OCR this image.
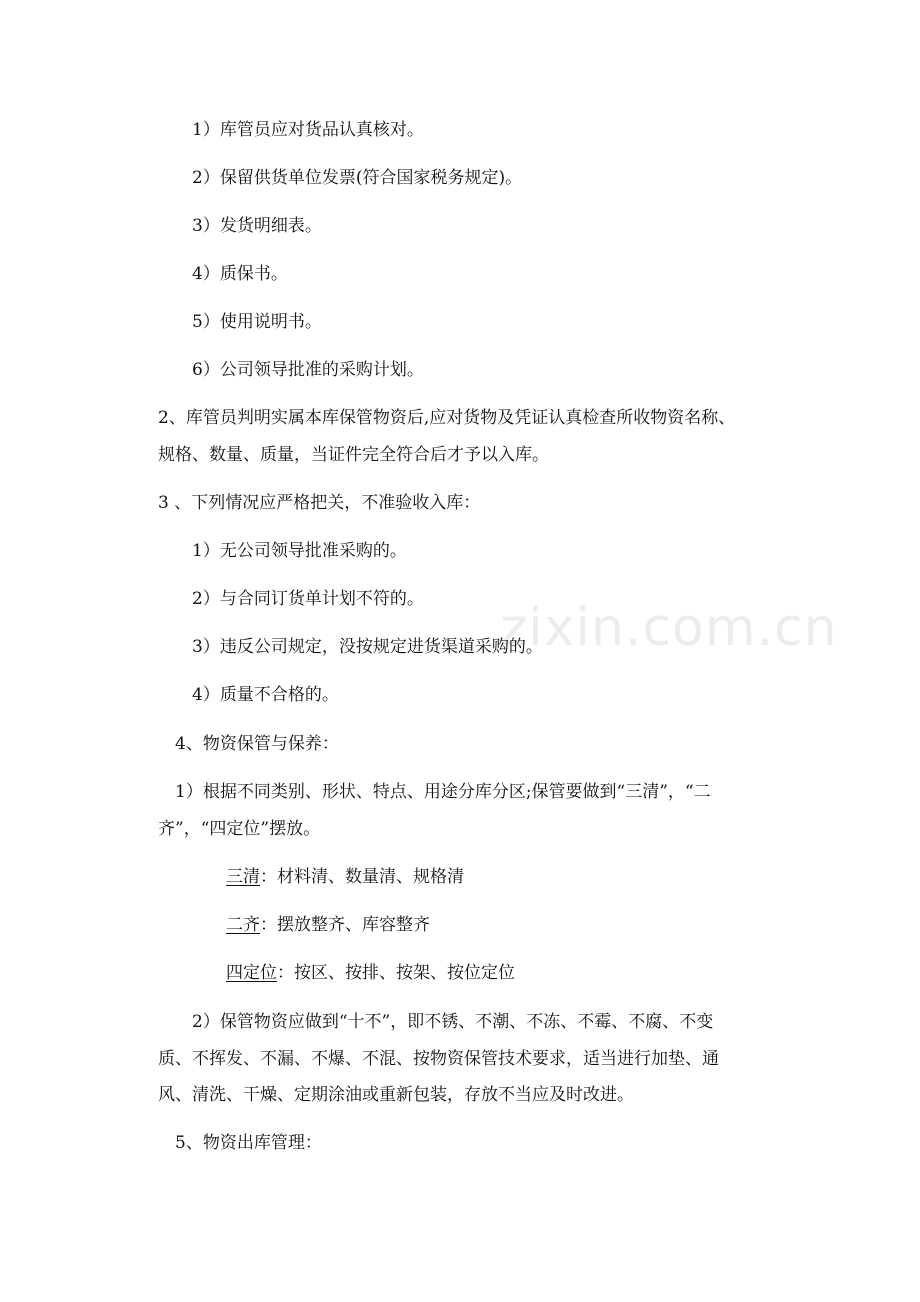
zixin.com.cn
1）库管员应对货品认真核对。
2）保留供货单位发票(符合国家税务规定)。
3）发货明细表。
4）质保书。
5）使用说明书。
6）公司领导批准的采购计划。
2、库管员判明实属本库保管物资后,应对货物及凭证认真检查所收物资名称、
规格、数量、质量，当证件完全符合后才予以入库。
3 、下列情况应严格把关，不准验收入库：
1）无公司领导批准采购的。
2）与合同订货单计划不符的。
3）违反公司规定，没按规定进货渠道采购的。
4）质量不合格的。
4、物资保管与保养：
1）根据不同类别、形状、特点、用途分库分区;保管要做到“三清”，“二
齐”，“四定位”摆放。
三清：材料清、数量清、规格清
二齐：摆放整齐、库容整齐
四定位：按区、按排、按架、按位定位
2）保管物资应做到“十不”，即不锈、不潮、不冻、不霉、不腐、不变
质、不挥发、不漏、不爆、不混、按物资保管技术要求，适当进行加垫、通
风、清洗、干燥、定期涂油或重新包装，存放不当应及时改进。
5、物资出库管理：
